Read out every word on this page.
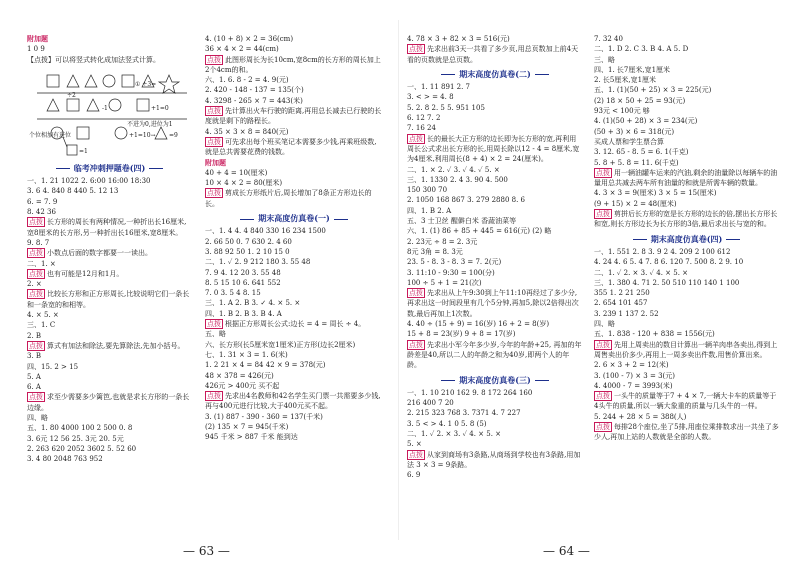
附加题
1 0 9
【点拨】可以将竖式转化成加法竖式计算。
① ÷3=
-1	+1=0
不进为0,进位为1
+1=10→ =9
个位相加有进位
=1
÷2
临考冲刺押题卷(四)
一、1. 21 1022 2. 6:00 16:00 18:30
3. 6 4. 840 8 440 5. 12 13
6. = 7. 9
8. 42 36
点拨 长方形的周长有两种情况,一种折出长16厘米,宽8厘米的长方形,另一种折出长16厘米,宽8厘米。
9. 8. 7
点拨 小数点后面的数字都要一一读出。
二、1. ×
点拨 也有可能是12月和1月。
2. ×
点拨 比较长方形和正方形周长,比较说明它们一条长和一条宽的和相等。
4. × 5. ×
三、1. C
2. B
点拨 算式有加法和除法,要先算除法,先加小括号。
3. B
四、15. 2 > 15
5. A
6. A
点拨 求至少需要多少篱笆,也就是求长方形的一条长边缘。
四、略
五、1. 80 4000 100 2 500 0. 8
3. 6元 12 56 25. 3元 20. 5元
2. 263 620 2052 3602 5. 52 60
3. 4 80 2048 763 952
4. (10 + 8) × 2 = 36(cm)
36 × 4 × 2 = 44(cm)
点拨 此图形周长为长10cm,宽8cm的长方形的周长加上2个4cm的和。
六、1. 6. 8 - 2 = 4. 9(元)
2. 420 - 148 - 137 = 135(个)
4. 3298 - 265 × 7 = 443(米)
点拨 先计算出火车行驶的距离,再用总长减去已行驶的长度就是剩下的路程长。
4. 35 × 3 × 8 = 840(元)
点拨 可先求出每个班买笔记本需要多少钱,再乘班级数,就是总共需要花费的钱数。
附加题
40 + 4 = 10(厘米)
10 × 4 × 2 = 80(厘米)
点拨 剪成长方形纸片后,周长增加了8条正方形边长的长。
期末高度仿真卷(一)
一、1. 4 4. 4 840 330 16 234 1500
2. 66 50 0. 7 630 2. 4 60
3. 88 92 50 1. 2 10 15 0
二、1. ✓ 2. 9 212 180 3. 55 48
7. 9 4. 12 20 3. 55 48
8. 5 15 10 6. 641 552
7. 0 3. 5 4 8. 15
三、1. A 2. B 3. ✓ 4. × 5. ×
四、1. B 2. B 3. B 4. A
点拨 根据正方形周长公式:边长 = 4 = 周长 ÷ 4。
五、略
六、长方形(长5厘米宽1厘米)正方形(边长2厘米)
七、1. 31 × 3 = 1. 6(米)
1. 2 21 × 4 = 84 42 × 9 = 378(元)
48 × 378 = 426(元)
426元 > 400元 买不起
点拨 先求出4名教师和42名学生买门票一共需要多少钱,再与400元进行比较,大于400元买不起。
3. (1) 887 - 390 - 360 = 137(千米)
(2) 135 × 7 = 945(千米)
945 千米 > 887 千米 能到达
4. 78 × 3 + 82 × 3 = 516(元)
点拨 先求出前3天一共看了多少页,用总页数加上前4天看的页数就是总页数。
期末高度仿真卷(二)
一、1. 11 891 2. 7
3. < > = 4. 8
5. 2. 8 2. 5 5. 951 105
6. 12 7. 2
7. 16 24
点拨 长的最长大正方形的边长即为长方形的宽,再利用周长公式求出长方形的长,用周长除以12 - 4 = 8厘米,宽为4厘米,利用周长(8 + 4) × 2 = 24(厘米)。
二、1. × 2. ✓ 3. ✓ 4. ✓ 5. ×
三、1. 1330 2. 4 3. 90 4. 500
150 300 70
2. 1050 168 867 3. 279 2880 8. 6
四、1. B 2. A
五、3 士卫丝 醒僻白米 香蔬油菜等
六、1. (1) 86 + 85 + 445 = 616(元) (2) 略
2. 23元 ÷ 8 = 2. 3元
8元 3角 = 8. 3元
23. 5 - 8. 3 - 8. 3 = 7. 2(元)
3. 11:10 - 9:30 = 100(分)
100 ÷ 5 + 1 = 21(次)
点拨 先求出从上午9:30到上午11:10再经过了多少分,再求出这一时间段里有几个5分钟,再加5,除以2倍得出次数,最后再加上1次数。
4. 40 ÷ (15 + 9) = 16(岁) 16 + 2 = 8(岁)
15 + 8 = 23(岁) 9 + 8 = 17(岁)
点拨 先求出小军今年多少岁,今年的年龄+25, 再加的年龄差是40,所以二人的年龄之和为40岁,即两个人的年龄。
期末高度仿真卷(三)
一、1. 10 210 162 9. 8 172 264 160
216 400 7 20
2. 215 323 768 3. 7371 4. 7 227
3. 5 < > 4. 1 0 5. 8 (5)
二、1. ✓ 2. × 3. ✓ 4. × 5. ×
5. ×
点拨 从家到商场有3条路,从商场到学校也有3条路,用加法 3 × 3 = 9条路。
6. 9
7. 32 40
二、1. D 2. C 3. B 4. A 5. D
三、略
四、1. 长7厘米,宽1厘米
2. 长5厘米,宽1厘米
五、1. (1)(50 + 25) × 3 = 225(元)
(2) 18 × 50 + 25 = 93(元)
93元 < 100元 够
4. (1)(50 + 28) × 3 = 234(元)
(50 + 3) × 6 = 318(元)
买成人票和学生票合算
3. 12. 65 - 8. 5 = 6. 1(千克)
5. 8 + 5. 8 = 11. 6(千克)
点拨 用一辆油罐车运来的汽油,剩余的油量除以每辆车的油量用总共减去两车所有油量的和就是所需车辆的数量。
4. 3 × 3 = 9(厘米) 3 × 5 = 15(厘米)
(9 + 15) × 2 = 48(厘米)
点拨 剪拼后长方形的宽是长方形的边长的倍,摆出长方形长和宽,则长方形边长为长方形的3倍,最后求出长与宽的和。
期末高度仿真卷(四)
一、1. 551 2. 8 3. 9 2 4. 209 2 100 612
4. 24 4. 6 5. 4 7. 8 6. 120 7. 500 8. 2 9. 10
二、1. ✓ 2. × 3. ✓ 4. × 5. ×
三、1. 380 4. 71 2. 50 510 110 140 1 100
355 1. 2 21 250
2. 654 101 457
3. 239 1 137 2. 52
四、略
五、1. 838 - 120 + 838 = 1556(元)
点拨 先用上周卖出的数目计算出一辆羊肉串各卖出,得到上周售卖出价多少,再用上一周多卖出件数,用售价算出来。
2. 6 × 3 + 2 = 12(米)
3. (100 - 7) × 3 = 3(元)
4. 4000 - 7 = 3993(米)
点拨 一头牛的质量等于7 + 4 × 7,一辆大卡车的质量等于4头牛的质量,所以一辆大象重的质量与几头牛的一样。
5. 244 + 28 × 5 = 388(人)
点拨 每排28个座位,坐了5排,用座位乘排数求出一共坐了多少人,再加上站的人数就是全部的人数。
— 63 —	— 64 —
